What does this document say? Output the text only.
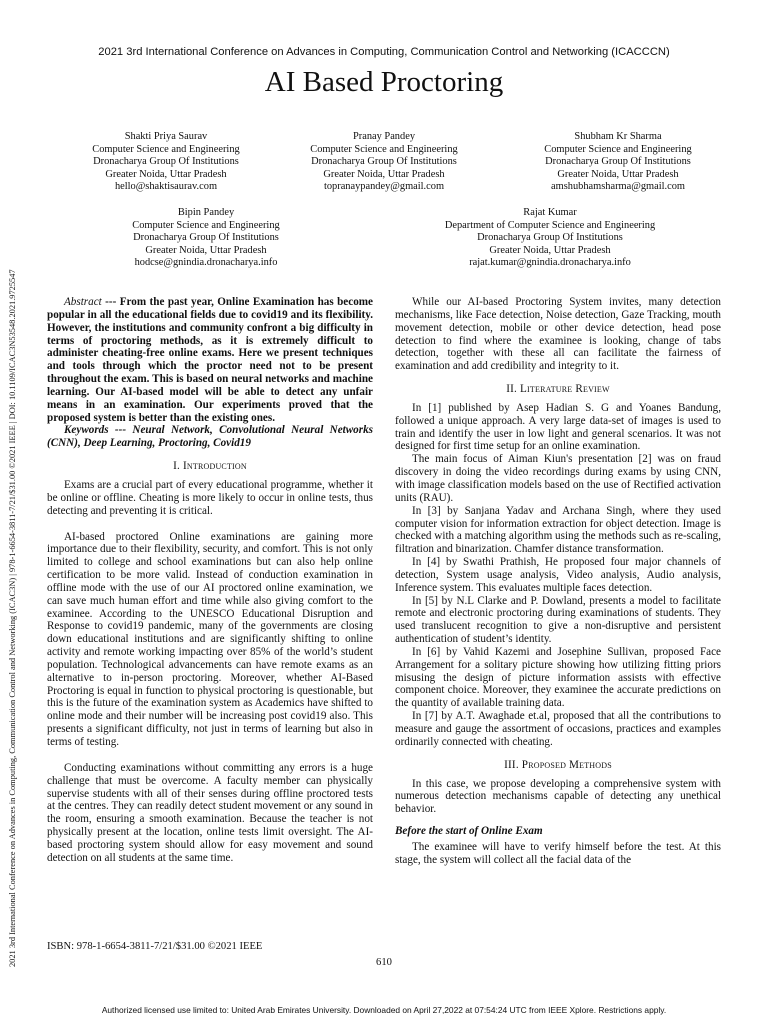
2021 3rd International Conference on Advances in Computing, Communication Control and Networking (ICACCCN)
AI Based Proctoring
2021 3rd International Conference on Advances in Computing, Communication Control and Networking (ICAC3N) | 978-1-6654-3811-7/21/$31.00 ©2021 IEEE | DOI: 10.1109/ICAC3N53548.2021.9725547
Shakti Priya Saurav
Computer Science and Engineering
Dronacharya Group Of Institutions
Greater Noida, Uttar Pradesh
hello@shaktisaurav.com
Pranay Pandey
Computer Science and Engineering
Dronacharya Group Of Institutions
Greater Noida, Uttar Pradesh
topranaypandey@gmail.com
Shubham Kr Sharma
Computer Science and Engineering
Dronacharya Group Of Institutions
Greater Noida, Uttar Pradesh
amshubhamsharma@gmail.com
Bipin Pandey
Computer Science and Engineering
Dronacharya Group Of Institutions
Greater Noida, Uttar Pradesh
hodcse@gnindia.dronacharya.info
Rajat Kumar
Department of Computer Science and Engineering
Dronacharya Group Of Institutions
Greater Noida, Uttar Pradesh
rajat.kumar@gnindia.dronacharya.info

Abstract --- From the past year, Online Examination has become popular in all the educational fields due to covid19 and its flexibility. However, the institutions and community confront a big difficulty in terms of proctoring methods, as it is extremely difficult to administer cheating-free online exams. Here we present techniques and tools through which the proctor need not to be present throughout the exam. This is based on neural networks and machine learning. Our AI-based model will be able to detect any unfair means in an examination. Our experiments proved that the proposed system is better than the existing ones.

Keywords --- Neural Network, Convolutional Neural Networks (CNN), Deep Learning, Proctoring, Covid19

I. Introduction

Exams are a crucial part of every educational programme, whether it be online or offline. Cheating is more likely to occur in online tests, thus detecting and preventing it is critical.

AI-based proctored Online examinations are gaining more importance due to their flexibility, security, and comfort. This is not only limited to college and school examinations but can also help online certification to be more valid. Instead of conduction examination in offline mode with the use of our AI proctored online examination, we can save much human effort and time while also giving comfort to the examinee. According to the UNESCO Educational Disruption and Response to covid19 pandemic, many of the governments are closing down educational institutions and are significantly shifting to online activity and remote working impacting over 85% of the world’s student population. Technological advancements can have remote exams as an alternative to in-person proctoring. Moreover, whether AI-Based Proctoring is equal in function to physical proctoring is questionable, but this is the future of the examination system as Academics have shifted to online mode and their number will be increasing post covid19 also. This presents a significant difficulty, not just in terms of learning but also in terms of testing.

Conducting examinations without committing any errors is a huge challenge that must be overcome. A faculty member can physically supervise students with all of their senses during offline proctored tests at the centres. They can readily detect student movement or any sound in the room, ensuring a smooth examination. Because the teacher is not physically present at the location, online tests limit oversight. The AI-based proctoring system should allow for easy movement and sound detection on all students at the same time.

While our AI-based Proctoring System invites, many detection mechanisms, like Face detection, Noise detection, Gaze Tracking, mouth movement detection, mobile or other device detection, head pose detection to find where the examinee is looking, change of tabs detection, together with these all can facilitate the fairness of examination and add credibility and integrity to it.

II. Literature Review

In [1] published by Asep Hadian S. G and Yoanes Bandung, followed a unique approach. A very large data-set of images is used to train and identify the user in low light and general scenarios. It was not designed for first time setup for an online examination.

The main focus of Aiman Kiun's presentation [2] was on fraud discovery in doing the video recordings during exams by using CNN, with image classification models based on the use of Rectified activation units (RAU).

In [3] by Sanjana Yadav and Archana Singh, where they used computer vision for information extraction for object detection. Image is checked with a matching algorithm using the methods such as re-scaling, filtration and binarization. Chamfer distance transformation.

In [4] by Swathi Prathish, He proposed four major channels of detection, System usage analysis, Video analysis, Audio analysis, Inference system. This evaluates multiple faces detection.

In [5] by N.L Clarke and P. Dowland, presents a model to facilitate remote and electronic proctoring during examinations of students. They used translucent recognition to give a non-disruptive and persistent authentication of student’s identity.

In [6] by Vahid Kazemi and Josephine Sullivan, proposed Face Arrangement for a solitary picture showing how utilizing fitting priors misusing the design of picture information assists with effective component choice. Moreover, they examinee the accurate predictions on the quantity of available training data.

In [7] by A.T. Awaghade et.al, proposed that all the contributions to measure and gauge the assortment of occasions, practices and examples ordinarily connected with cheating.

III. Proposed Methods

In this case, we propose developing a comprehensive system with numerous detection mechanisms capable of detecting any unethical behavior.

Before the start of Online Exam

The examinee will have to verify himself before the test. At this stage, the system will collect all the facial data of the

ISBN: 978-1-6654-3811-7/21/$31.00 ©2021 IEEE
610
Authorized licensed use limited to: United Arab Emirates University. Downloaded on April 27,2022 at 07:54:24 UTC from IEEE Xplore. Restrictions apply.
